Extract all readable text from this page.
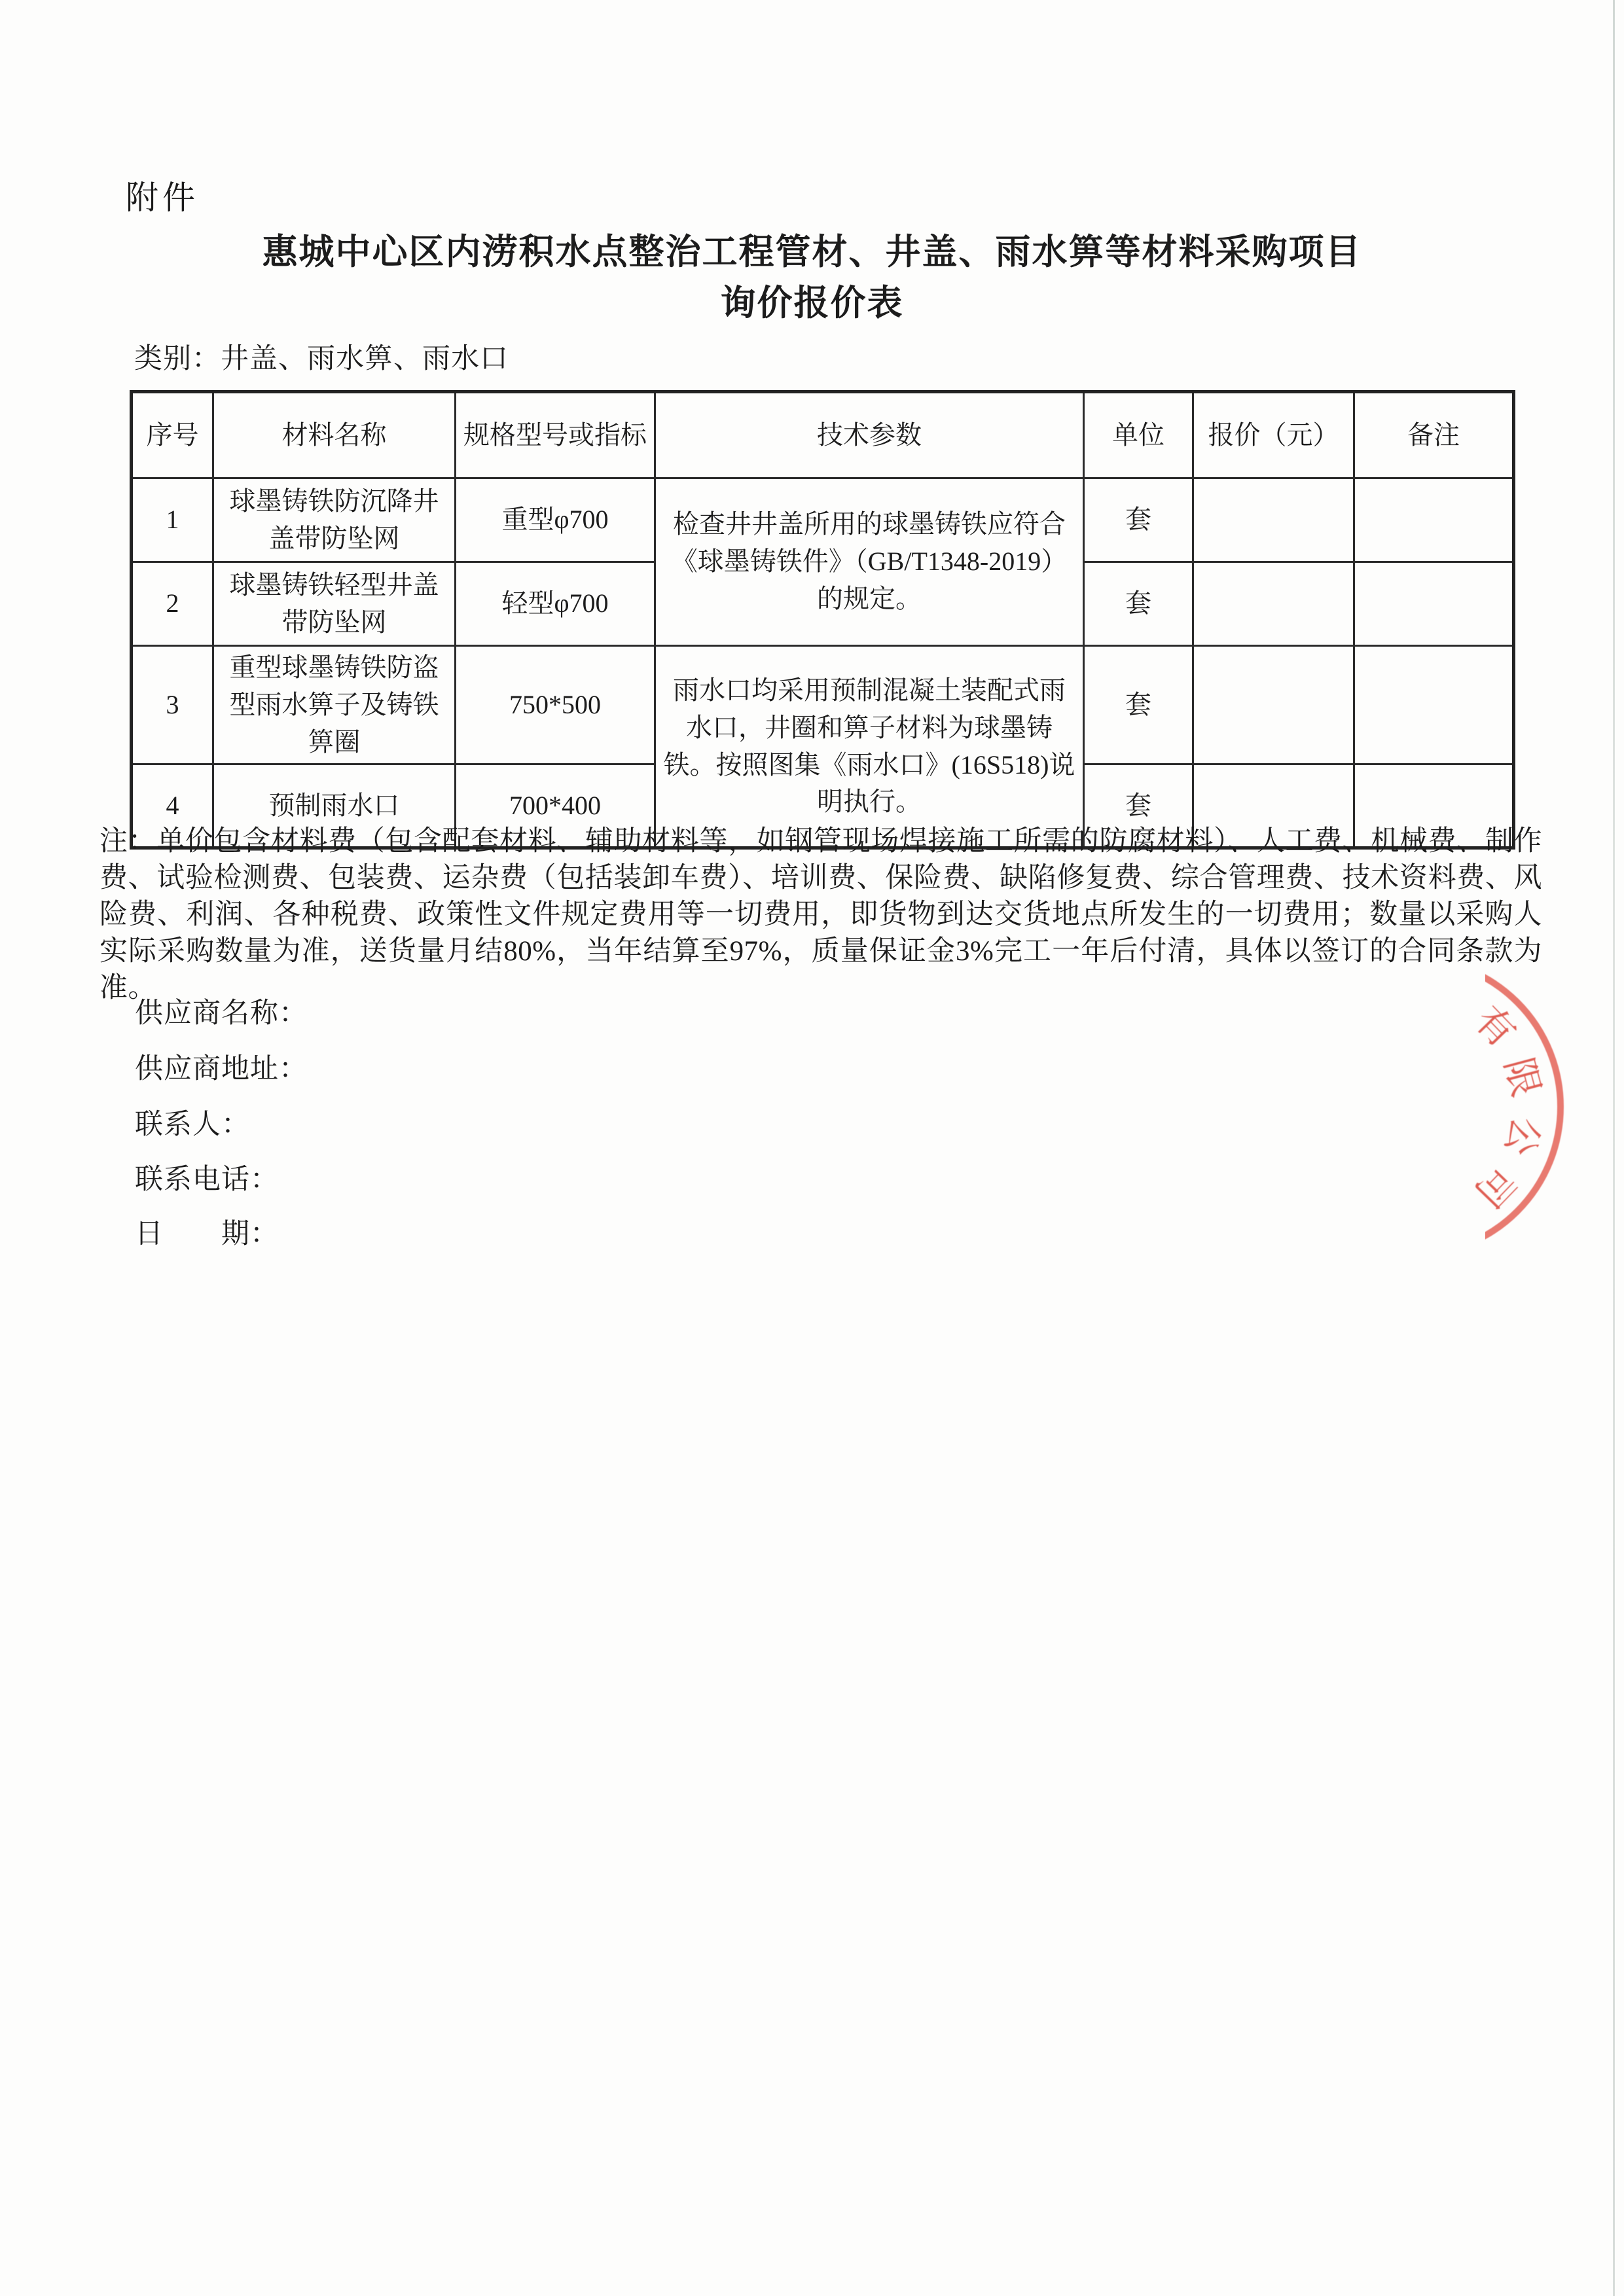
附件
惠城中心区内涝积水点整治工程管材、井盖、雨水箅等材料采购项目
询价报价表
类别：井盖、雨水箅、雨水口
序号	材料名称	规格型号或指标	技术参数	单位	报价（元）	备注
1	球墨铸铁防沉降井盖带防坠网	重型φ700	检查井井盖所用的球墨铸铁应符合《球墨铸铁件》（GB/T1348-2019）的规定。	套		
2	球墨铸铁轻型井盖带防坠网	轻型φ700		套		
3	重型球墨铸铁防盗型雨水箅子及铸铁箅圈	750*500	雨水口均采用预制混凝土装配式雨水口，井圈和箅子材料为球墨铸铁。按照图集《雨水口》(16S518)说明执行。	套		
4	预制雨水口	700*400		套		
注：单价包含材料费（包含配套材料、辅助材料等，如钢管现场焊接施工所需的防腐材料）、人工费、机械费、制作费、试验检测费、包装费、运杂费（包括装卸车费）、培训费、保险费、缺陷修复费、综合管理费、技术资料费、风险费、利润、各种税费、政策性文件规定费用等一切费用，即货物到达交货地点所发生的一切费用；数量以采购人实际采购数量为准，送货量月结80%，当年结算至97%，质量保证金3%完工一年后付清，具体以签订的合同条款为准。
供应商名称：
供应商地址：
联系人：
联系电话：
日　　期：
有
限
公
司
